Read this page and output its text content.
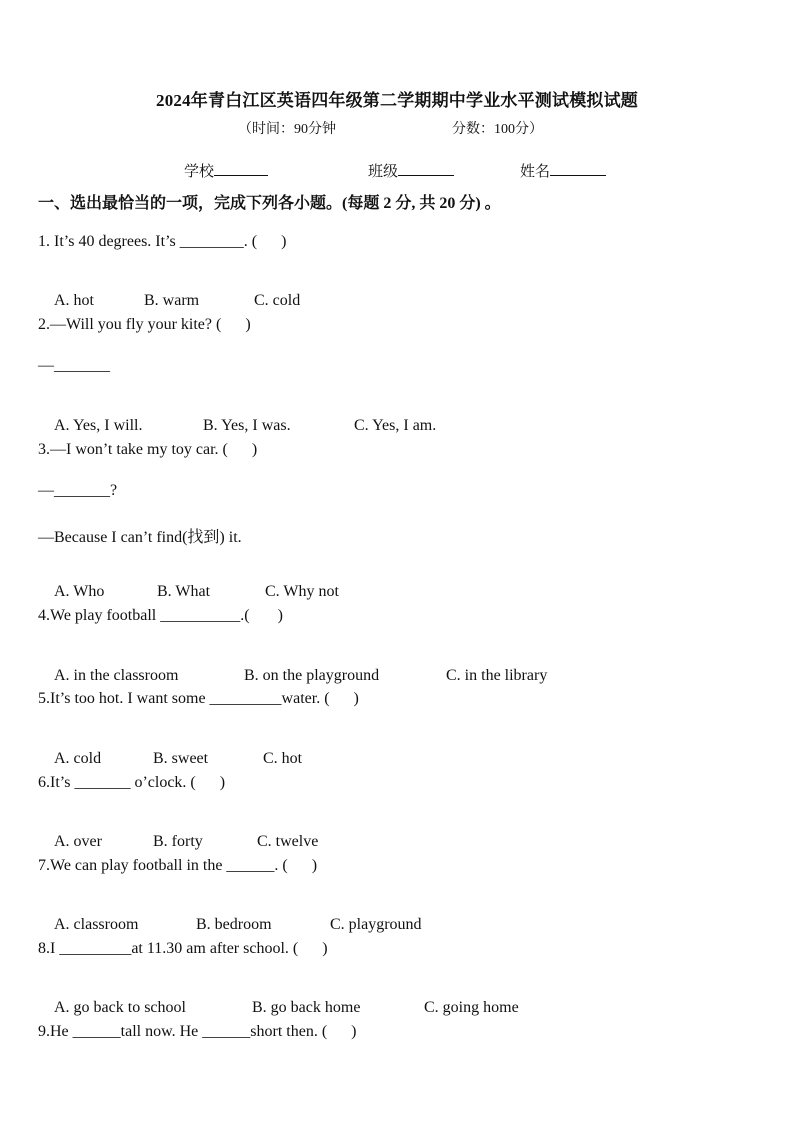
2024年青白江区英语四年级第二学期期中学业水平测试模拟试题
（时间：90分钟	分数：100分）
学校	班级	姓名
一、选出最恰当的一项，完成下列各小题。(每题 2 分, 共 20 分) 。
1. It’s 40 degrees. It’s ________. (      )

A. hot	B. warm	C. cold

2.—Will you fly your kite? (      )
—_______

A. Yes, I will.	B. Yes, I was.	C. Yes, I am.

3.—I won’t take my toy car. (      )
—_______?
—Because I can’t find(找到) it.

A. Who	B. What	C. Why not

4.We play football __________.(       )

A. in the classroom	B. on the playground	C. in the library

5.It’s too hot. I want some _________water. (      )

A. cold	B. sweet	C. hot

6.It’s _______ o’clock. (      )

A. over	B. forty	C. twelve

7.We can play football in the ______. (      )

A. classroom	B. bedroom	C. playground

8.I _________at 11.30 am after school. (      )

A. go back to school	B. go back home	C. going home

9.He ______tall now. He ______short then. (      )
